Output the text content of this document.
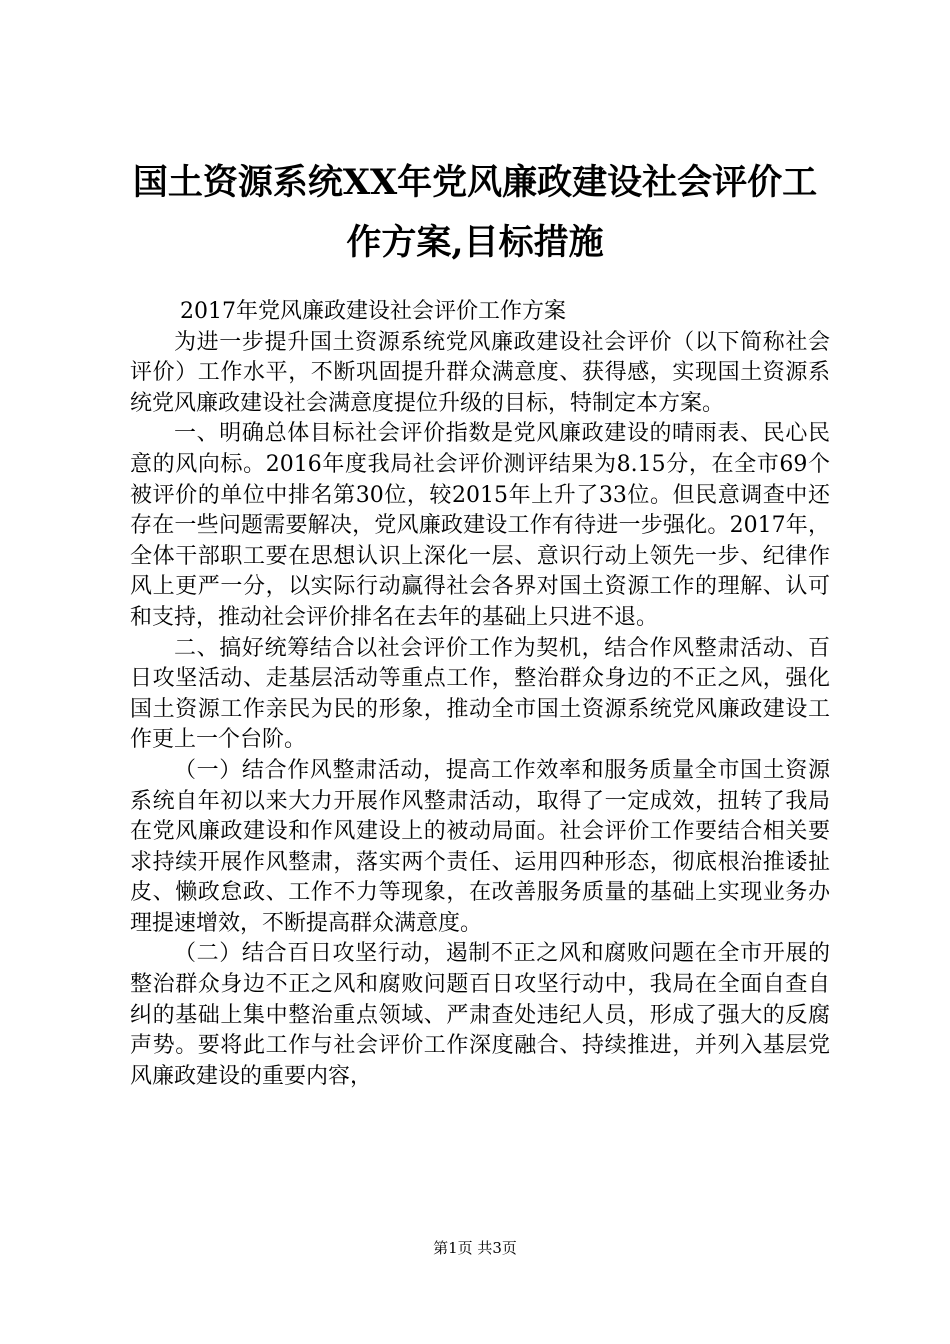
国土资源系统XX年党风廉政建设社会评价工
作方案,目标措施

2017年党风廉政建设社会评价工作方案

为进一步提升国土资源系统党风廉政建设社会评价（以下简称社会评价）工作水平，不断巩固提升群众满意度、获得感，实现国土资源系统党风廉政建设社会满意度提位升级的目标，特制定本方案。

一、明确总体目标社会评价指数是党风廉政建设的晴雨表、民心民意的风向标。2016年度我局社会评价测评结果为8.15分，在全市69个被评价的单位中排名第30位，较2015年上升了33位。但民意调查中还存在一些问题需要解决，党风廉政建设工作有待进一步强化。2017年，全体干部职工要在思想认识上深化一层、意识行动上领先一步、纪律作风上更严一分，以实际行动赢得社会各界对国土资源工作的理解、认可和支持，推动社会评价排名在去年的基础上只进不退。

二、搞好统筹结合以社会评价工作为契机，结合作风整肃活动、百日攻坚活动、走基层活动等重点工作，整治群众身边的不正之风，强化国土资源工作亲民为民的形象，推动全市国土资源系统党风廉政建设工作更上一个台阶。

（一）结合作风整肃活动，提高工作效率和服务质量全市国土资源系统自年初以来大力开展作风整肃活动，取得了一定成效，扭转了我局在党风廉政建设和作风建设上的被动局面。社会评价工作要结合相关要求持续开展作风整肃，落实两个责任、运用四种形态，彻底根治推诿扯皮、懒政怠政、工作不力等现象，在改善服务质量的基础上实现业务办理提速增效，不断提高群众满意度。

（二）结合百日攻坚行动，遏制不正之风和腐败问题在全市开展的整治群众身边不正之风和腐败问题百日攻坚行动中，我局在全面自查自纠的基础上集中整治重点领域、严肃查处违纪人员，形成了强大的反腐声势。要将此工作与社会评价工作深度融合、持续推进，并列入基层党风廉政建设的重要内容，

第1页 共3页
